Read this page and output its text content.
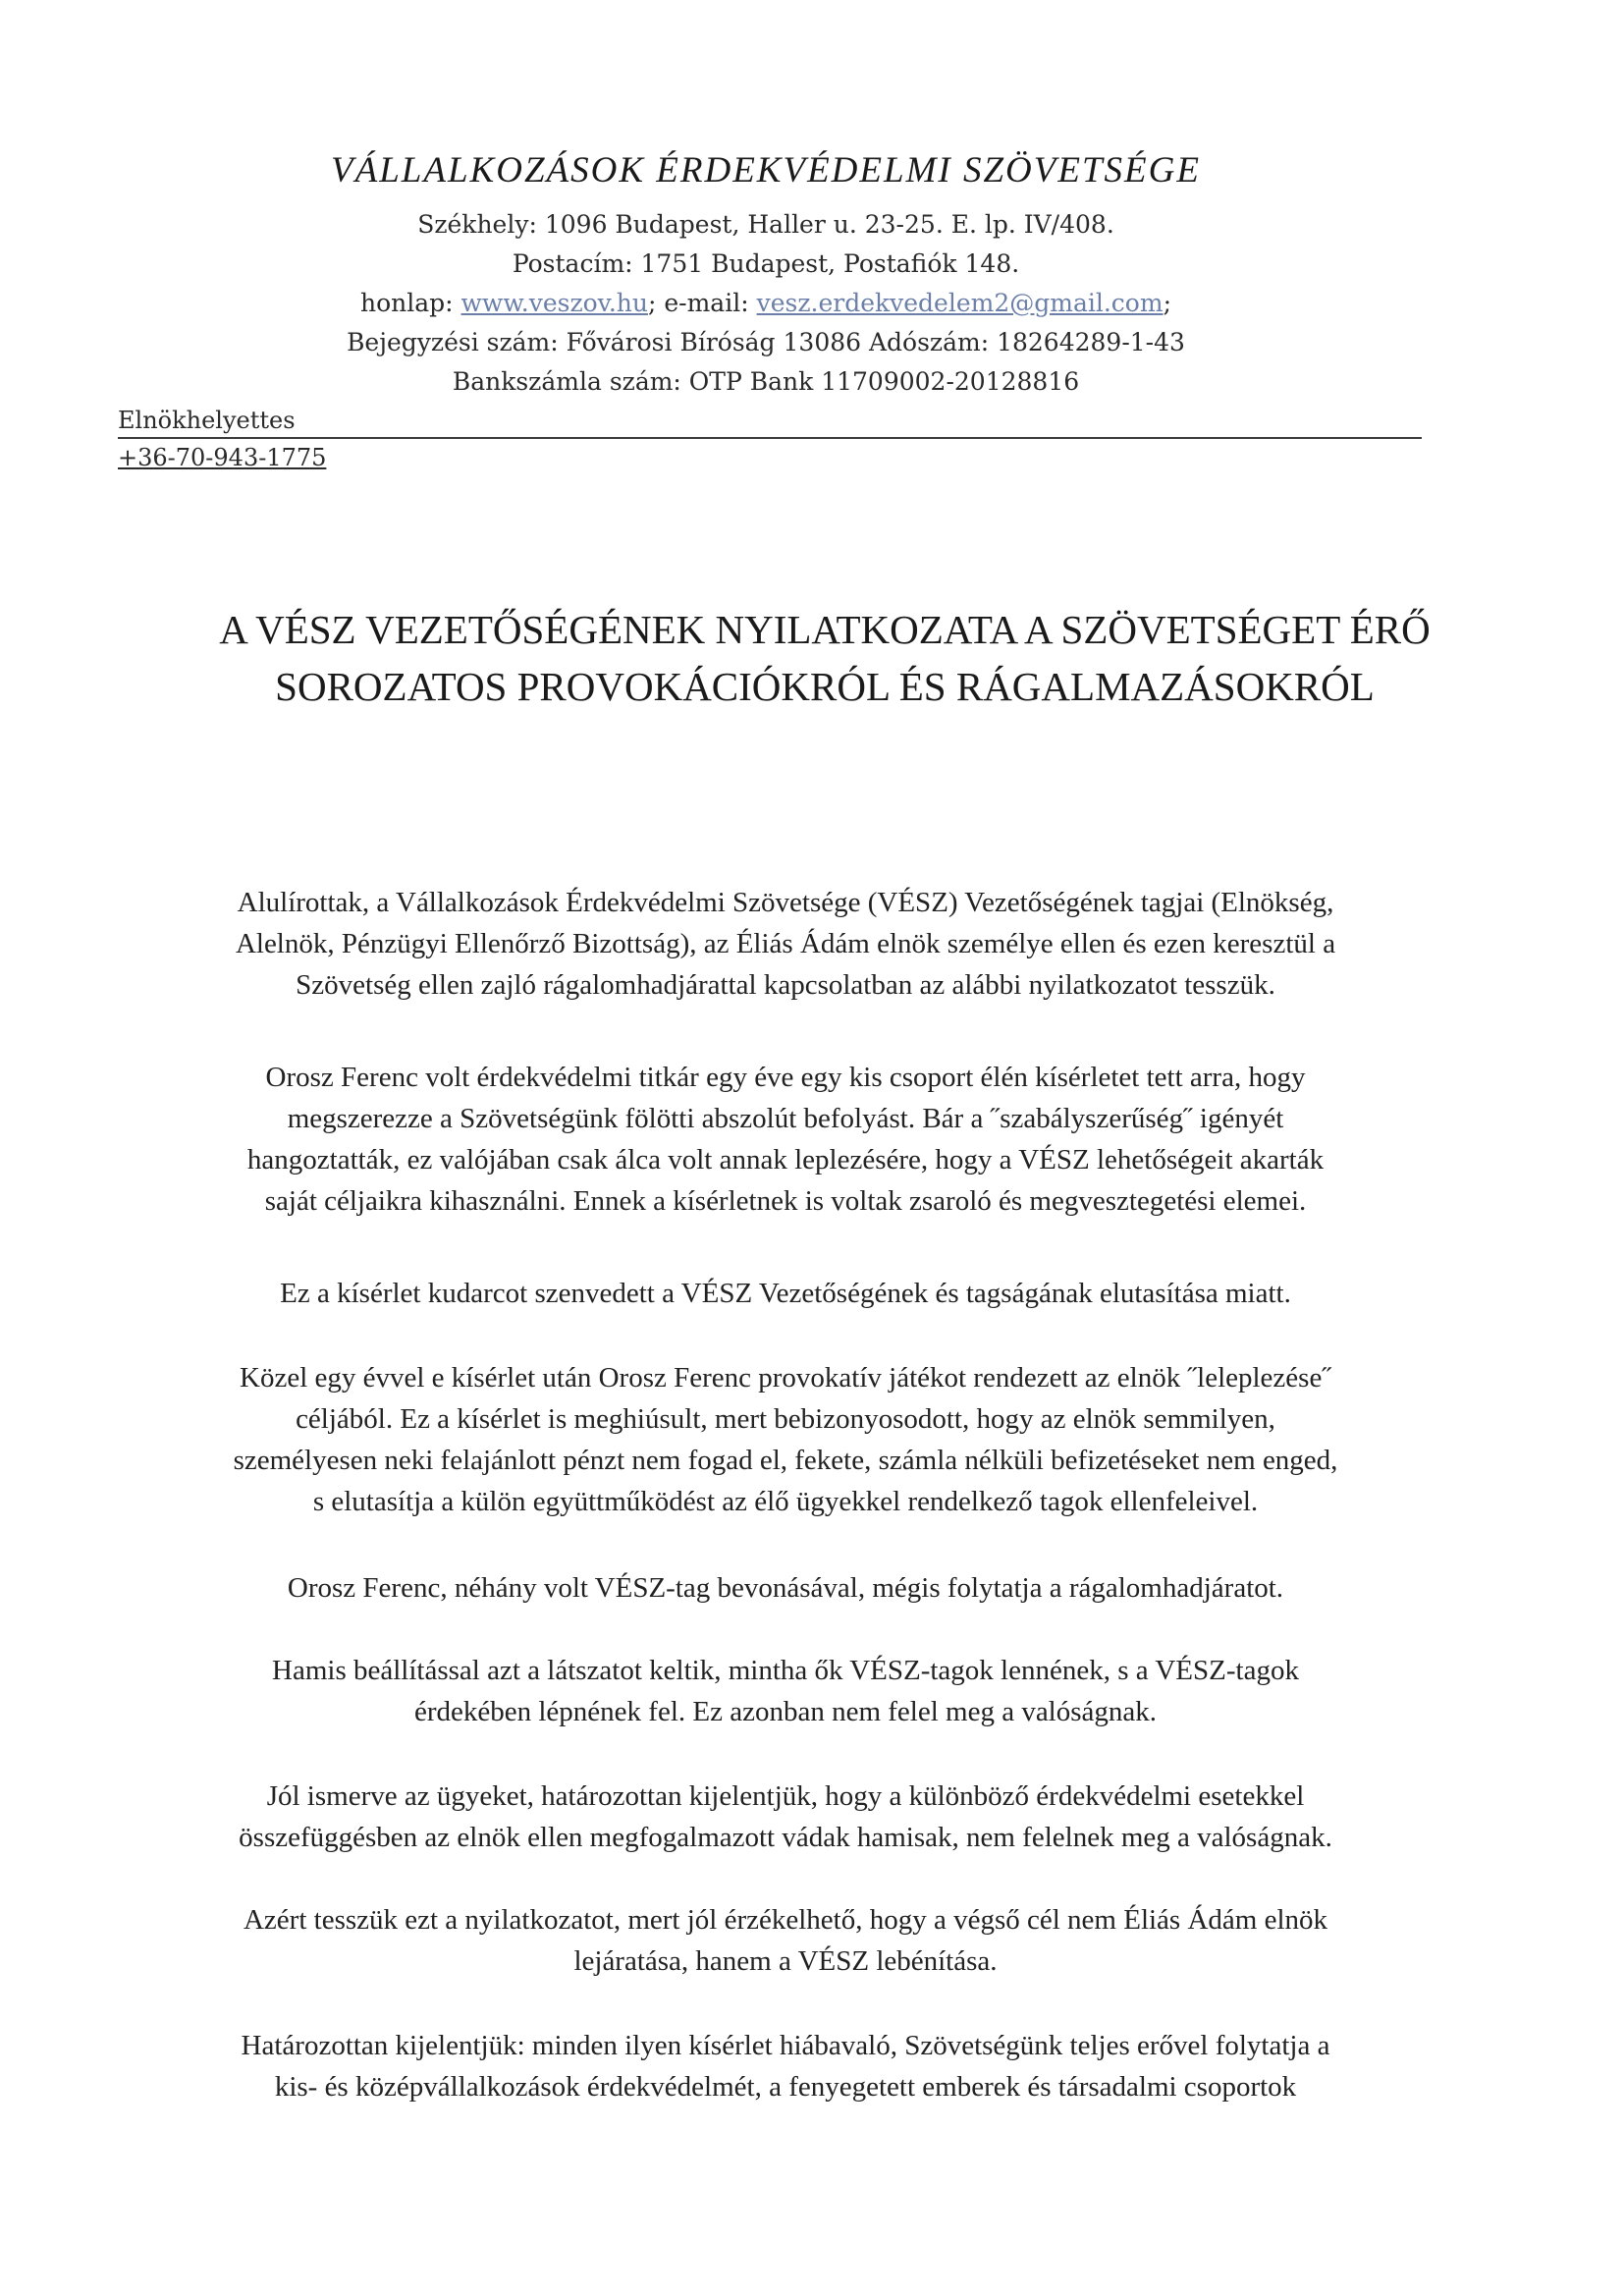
VÁLLALKOZÁSOK ÉRDEKVÉDELMI SZÖVETSÉGE
Székhely: 1096 Budapest, Haller u. 23-25. E. lp. IV/408.
Postacím: 1751 Budapest, Postafiók 148.
honlap: www.veszov.hu; e-mail: vesz.erdekvedelem2@gmail.com;
Bejegyzési szám: Fővárosi Bíróság 13086 Adószám: 18264289-1-43
Bankszámla szám: OTP Bank 11709002-20128816
Elnökhelyettes
+36-70-943-1775
A VÉSZ VEZETŐSÉGÉNEK NYILATKOZATA A SZÖVETSÉGET ÉRŐ
SOROZATOS PROVOKÁCIÓKRÓL ÉS RÁGALMAZÁSOKRÓL
Alulírottak, a Vállalkozások Érdekvédelmi Szövetsége (VÉSZ) Vezetőségének tagjai (Elnökség,
Alelnök, Pénzügyi Ellenőrző Bizottság), az Éliás Ádám elnök személye ellen és ezen keresztül a
Szövetség ellen zajló rágalomhadjárattal kapcsolatban az alábbi nyilatkozatot tesszük.
Orosz Ferenc volt érdekvédelmi titkár egy éve egy kis csoport élén kísérletet tett arra, hogy
megszerezze a Szövetségünk fölötti abszolút befolyást. Bár a ˝szabályszerűség˝ igényét
hangoztatták, ez valójában csak álca volt annak leplezésére, hogy a VÉSZ lehetőségeit akarták
saját céljaikra kihasználni. Ennek a kísérletnek is voltak zsaroló és megvesztegetési elemei.
Ez a kísérlet kudarcot szenvedett a VÉSZ Vezetőségének és tagságának elutasítása miatt.
Közel egy évvel e kísérlet után Orosz Ferenc provokatív játékot rendezett az elnök ˝leleplezése˝
céljából. Ez a kísérlet is meghiúsult, mert bebizonyosodott, hogy az elnök semmilyen,
személyesen neki felajánlott pénzt nem fogad el, fekete, számla nélküli befizetéseket nem enged,
s elutasítja a külön együttműködést az élő ügyekkel rendelkező tagok ellenfeleivel.
Orosz Ferenc, néhány volt VÉSZ-tag bevonásával, mégis folytatja a rágalomhadjáratot.
Hamis beállítással azt a látszatot keltik, mintha ők VÉSZ-tagok lennének, s a VÉSZ-tagok
érdekében lépnének fel. Ez azonban nem felel meg a valóságnak.
Jól ismerve az ügyeket, határozottan kijelentjük, hogy a különböző érdekvédelmi esetekkel
összefüggésben az elnök ellen megfogalmazott vádak hamisak, nem felelnek meg a valóságnak.
Azért tesszük ezt a nyilatkozatot, mert jól érzékelhető, hogy a végső cél nem Éliás Ádám elnök
lejáratása, hanem a VÉSZ lebénítása.
Határozottan kijelentjük: minden ilyen kísérlet hiábavaló, Szövetségünk teljes erővel folytatja a
kis- és középvállalkozások érdekvédelmét, a fenyegetett emberek és társadalmi csoportok
